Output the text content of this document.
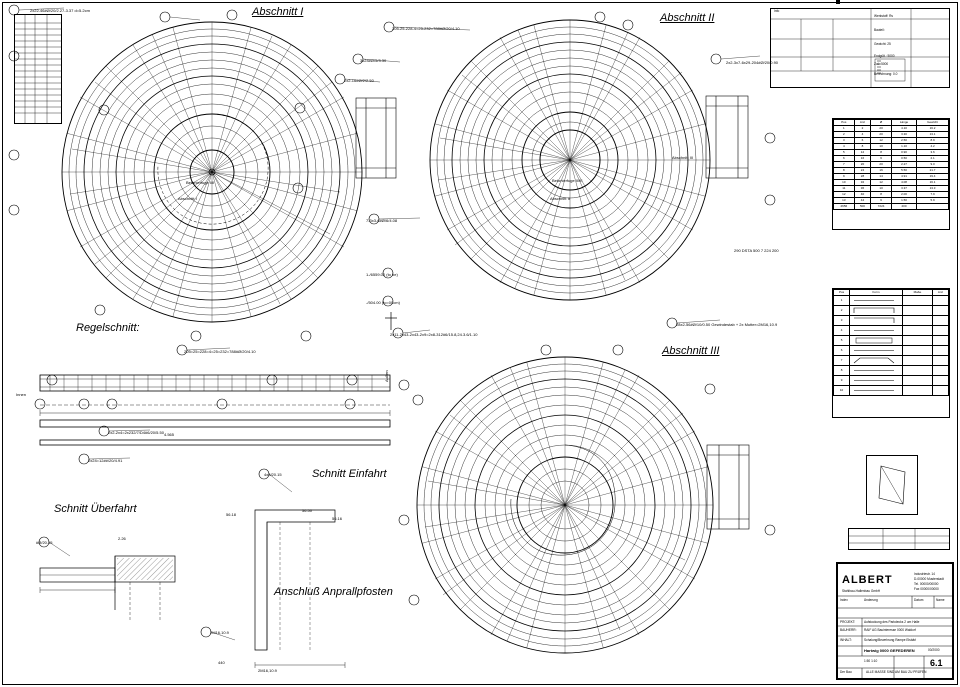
Info
Werkstoff: Rs
Bauteil:
Gewicht: 25
Endgült.: 5000
Zul.: 5000
Berechnung: 0.0
Pos	Anz	Ø	Länge	Gewicht
1	2	20	4.10	16.2
2	4	20	3.30	13.1
3	6	12	2.50	8.9
4	8	10	1.10	4.2
5	12	8	0.90	3.6
6	16	6	0.50	2.1
7	20	20	2.27	9.0
8	24	16	5.50	21.7
9	28	14	4.91	19.4
10	32	12	4.08	16.1
11	36	10	3.37	13.3
12	40	8	2.00	7.9
13	44	6	1.50	5.9
2656	500	7224	200	
Pos	Form	Maße	Anz
1	

2	

3	

4	

5	

6	

7	

8	

9	

10	

ALBERT
Stahlbau-Hallenbau GmbH
Industriestr. 14
D-00000 Musterstadt
Tel. 00000/00000
Fax 00000/00000
Index	Änderung	Datum	Name
PROJEKT:	Aufstockung des Parkdecks 2 um Halle
BAUHERR: RAIF AG Bauinteresse 0000 Waldorf
INHALT:	Schalung/Bewehrung Rampe Eisbärl
Hartwig 0000 GEFEDEREN	00/2000
1:50 1:10	6.1
Der Bau	ALLE MASSE SIND AM BAU ZU PRÜFEN
Abschnitt I	Abschnitt II
Abschnitt III
Regelschnitt:
Schnitt Einfahrt
Schnitt Überfahrt
Anschluß Anprallpfosten
2x22-46#Ø/20/2.27-3.37 d=5.2cm
205-25-228-4=25-232=788#Ø/20/4.10
3x24#Ø/5/3.30
2x2-16#Ø/2/2.50
7-3x3-6#Ø/6/4.08
2x11-2x43-2x43-2x9=2x8-312#6/15.8,24.3.6/1.10
28x2-56#Ø/10/0.50 Gewindestab + 2x Mutter=2M16,10.9
290 DSTA 500 7 224 200
2x2-3x7-6x29-204#Ø/20/0.90
1-/6559.00 (to be)
-/504.00 (to=00cm)
205=25=228=4=25=232=788#Ø/20/4.10
2x2-2x4=2x232/7/D4#6/20/5.50
2x24=12##/20/4.91
2M16,10.9
4x8/20.15
#Ø/20.15
2M16,10.9
Betonierfuge I/II	Betonierfuge II/III
Abschnitt I	Abschnitt II
Abschnitt III
Innen
Außen
4.565
440
2.26
56.50
56.16
56.18
